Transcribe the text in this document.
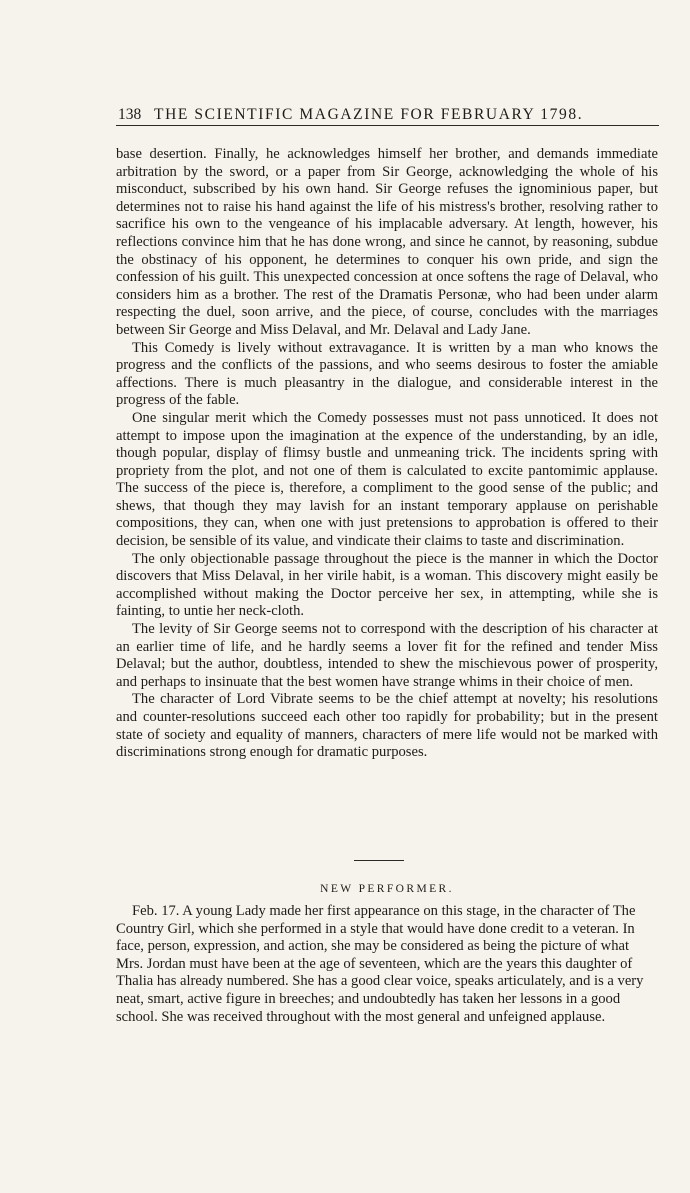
138 THE SCIENTIFIC MAGAZINE FOR FEBRUARY 1798.

base desertion. Finally, he acknowledges himself her brother, and demands immediate arbitration by the sword, or a paper from Sir George, acknowledging the whole of his misconduct, subscribed by his own hand. Sir George refuses the ignominious paper, but determines not to raise his hand against the life of his mistress's brother, resolving rather to sacrifice his own to the vengeance of his implacable adversary. At length, however, his reflections convince him that he has done wrong, and since he cannot, by reasoning, subdue the obstinacy of his opponent, he determines to conquer his own pride, and sign the confession of his guilt. This unexpected concession at once softens the rage of Delaval, who considers him as a brother. The rest of the Dramatis Personæ, who had been under alarm respecting the duel, soon arrive, and the piece, of course, concludes with the marriages between Sir George and Miss Delaval, and Mr. Delaval and Lady Jane.

This Comedy is lively without extravagance. It is written by a man who knows the progress and the conflicts of the passions, and who seems desirous to foster the amiable affections. There is much pleasantry in the dialogue, and considerable interest in the progress of the fable.

One singular merit which the Comedy possesses must not pass unnoticed. It does not attempt to impose upon the imagination at the expence of the understanding, by an idle, though popular, display of flimsy bustle and unmeaning trick. The incidents spring with propriety from the plot, and not one of them is calculated to excite pantomimic applause. The success of the piece is, therefore, a compliment to the good sense of the public; and shews, that though they may lavish for an instant temporary applause on perishable compositions, they can, when one with just pretensions to approbation is offered to their decision, be sensible of its value, and vindicate their claims to taste and discrimination.

The only objectionable passage throughout the piece is the manner in which the Doctor discovers that Miss Delaval, in her virile habit, is a woman. This discovery might easily be accomplished without making the Doctor perceive her sex, in attempting, while she is fainting, to untie her neck-cloth.

The levity of Sir George seems not to correspond with the description of his character at an earlier time of life, and he hardly seems a lover fit for the refined and tender Miss Delaval; but the author, doubtless, intended to shew the mischievous power of prosperity, and perhaps to insinuate that the best women have strange whims in their choice of men.

The character of Lord Vibrate seems to be the chief attempt at novelty; his resolutions and counter-resolutions succeed each other too rapidly for probability; but in the present state of society and equality of manners, characters of mere life would not be marked with discriminations strong enough for dramatic purposes.

NEW PERFORMER.

Feb. 17. A young Lady made her first appearance on this stage, in the character of The Country Girl, which she performed in a style that would have done credit to a veteran. In face, person, expression, and action, she may be considered as being the picture of what Mrs. Jordan must have been at the age of seventeen, which are the years this daughter of Thalia has already numbered. She has a good clear voice, speaks articulately, and is a very neat, smart, active figure in breeches; and undoubtedly has taken her lessons in a good school. She was received throughout with the most general and unfeigned applause.
